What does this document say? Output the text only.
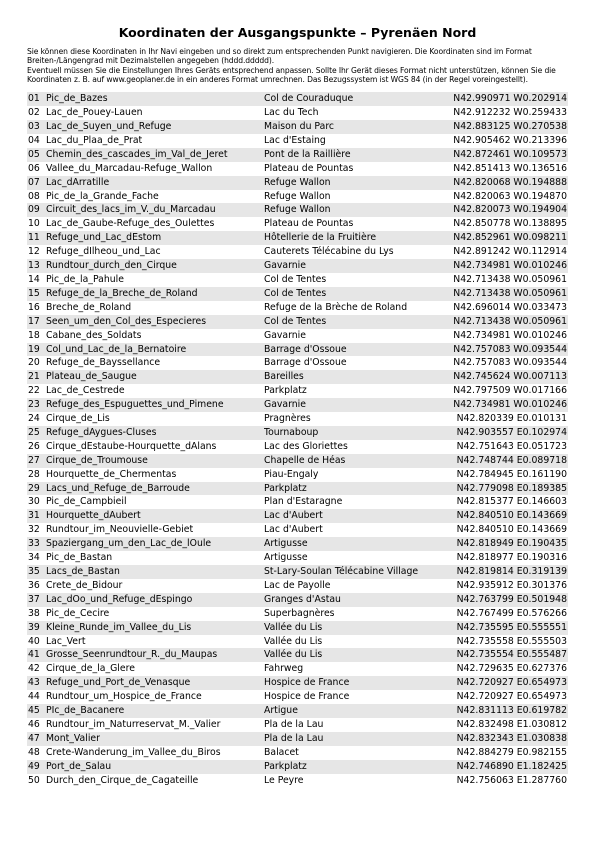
Koordinaten der Ausgangspunkte – Pyrenäen Nord

Sie können diese Koordinaten in Ihr Navi eingeben und so direkt zum entsprechenden Punkt navigieren. Die Koordinaten sind im Format Breiten-/Längengrad mit Dezimalstellen angegeben (hddd.ddddd).

Eventuell müssen Sie die Einstellungen Ihres Geräts entsprechend anpassen. Sollte Ihr Gerät dieses Format nicht unterstützen, können Sie die Koordinaten z. B. auf www.geoplaner.de in ein anderes Format umrechnen. Das Bezugssystem ist WGS 84 (in der Regel voreingestellt).

01	Pic_de_Bazes	Col de Couraduque	N42.990971 W0.202914
02	Lac_de_Pouey-Lauen	Lac du Tech	N42.912232 W0.259433
03	Lac_de_Suyen_und_Refuge	Maison du Parc	N42.883125 W0.270538
04	Lac_du_Plaa_de_Prat	Lac d'Estaing	N42.905462 W0.213396
05	Chemin_des_cascades_im_Val_de_Jeret	Pont de la Raillière	N42.872461 W0.109573
06	Vallee_du_Marcadau-Refuge_Wallon	Plateau de Pountas	N42.851413 W0.136516
07	Lac_dArratille	Refuge Wallon	N42.820068 W0.194888
08	Pic_de_la_Grande_Fache	Refuge Wallon	N42.820063 W0.194870
09	Circuit_des_lacs_im_V._du_Marcadau	Refuge Wallon	N42.820073 W0.194904
10	Lac_de_Gaube-Refuge_des_Oulettes	Plateau de Pountas	N42.850778 W0.138895
11	Refuge_und_Lac_dEstom	Hôtellerie de la Fruitière	N42.852961 W0.098211
12	Refuge_dIlheou_und_Lac	Cauterets Télécabine du Lys	N42.891242 W0.112914
13	Rundtour_durch_den_Cirque	Gavarnie	N42.734981 W0.010246
14	Pic_de_la_Pahule	Col de Tentes	N42.713438 W0.050961
15	Refuge_de_la_Breche_de_Roland	Col de Tentes	N42.713438 W0.050961
16	Breche_de_Roland	Refuge de la Brèche de Roland	N42.696014 W0.033473
17	Seen_um_den_Col_des_Especieres	Col de Tentes	N42.713438 W0.050961
18	Cabane_des_Soldats	Gavarnie	N42.734981 W0.010246
19	Col_und_Lac_de_la_Bernatoire	Barrage d'Ossoue	N42.757083 W0.093544
20	Refuge_de_Bayssellance	Barrage d'Ossoue	N42.757083 W0.093544
21	Plateau_de_Saugue	Bareilles	N42.745624 W0.007113
22	Lac_de_Cestrede	Parkplatz	N42.797509 W0.017166
23	Refuge_des_Espuguettes_und_Pimene	Gavarnie	N42.734981 W0.010246
24	Cirque_de_Lis	Pragnères	N42.820339 E0.010131
25	Refuge_dAygues-Cluses	Tournaboup	N42.903557 E0.102974
26	Cirque_dEstaube-Hourquette_dAlans	Lac des Gloriettes	N42.751643 E0.051723
27	Cirque_de_Troumouse	Chapelle de Héas	N42.748744 E0.089718
28	Hourquette_de_Chermentas	Piau-Engaly	N42.784945 E0.161190
29	Lacs_und_Refuge_de_Barroude	Parkplatz	N42.779098 E0.189385
30	Pic_de_Campbieil	Plan d'Estaragne	N42.815377 E0.146603
31	Hourquette_dAubert	Lac d'Aubert	N42.840510 E0.143669
32	Rundtour_im_Neouvielle-Gebiet	Lac d'Aubert	N42.840510 E0.143669
33	Spaziergang_um_den_Lac_de_lOule	Artigusse	N42.818949 E0.190435
34	Pic_de_Bastan	Artigusse	N42.818977 E0.190316
35	Lacs_de_Bastan	St-Lary-Soulan Télécabine Village	N42.819814 E0.319139
36	Crete_de_Bidour	Lac de Payolle	N42.935912 E0.301376
37	Lac_dOo_und_Refuge_dEspingo	Granges d'Astau	N42.763799 E0.501948
38	Pic_de_Cecire	Superbagnères	N42.767499 E0.576266
39	Kleine_Runde_im_Vallee_du_Lis	Vallée du Lis	N42.735595 E0.555551
40	Lac_Vert	Vallée du Lis	N42.735558 E0.555503
41	Grosse_Seenrundtour_R._du_Maupas	Vallée du Lis	N42.735554 E0.555487
42	Cirque_de_la_Glere	Fahrweg	N42.729635 E0.627376
43	Refuge_und_Port_de_Venasque	Hospice de France	N42.720927 E0.654973
44	Rundtour_um_Hospice_de_France	Hospice de France	N42.720927 E0.654973
45	PIc_de_Bacanere	Artigue	N42.831113 E0.619782
46	Rundtour_im_Naturreservat_M._Valier	Pla de la Lau	N42.832498 E1.030812
47	Mont_Valier	Pla de la Lau	N42.832343 E1.030838
48	Crete-Wanderung_im_Vallee_du_Biros	Balacet	N42.884279 E0.982155
49	Port_de_Salau	Parkplatz	N42.746890 E1.182425
50	Durch_den_Cirque_de_Cagateille	Le Peyre	N42.756063 E1.287760
